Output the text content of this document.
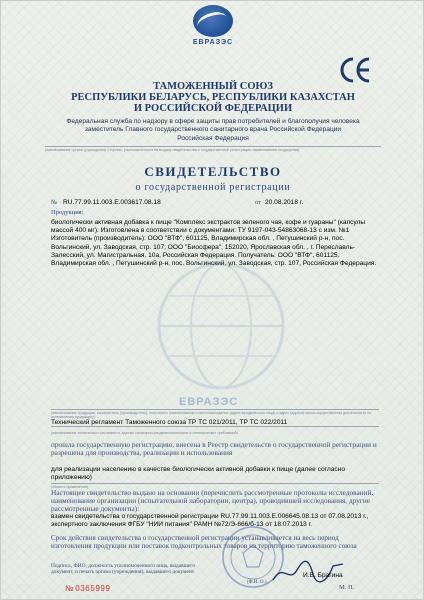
ЕВРАЗЭС
ТАМОЖЕННЫЙ СОЮЗ
РЕСПУБЛИКИ БЕЛАРУСЬ, РЕСПУБЛИКИ КАЗАХСТАН
И РОССИЙСКОЙ ФЕДЕРАЦИИ
Федеральная служба по надзору в сфере защиты прав потребителей и благополучия человека
заместитель Главного государственного санитарного врача Российской Федерации
Российская Федерация
(наименование органа (учреждения) Стороны, уполномоченного на выдачу свидетельства о государственной регистрации, наименование государства)
СВИДЕТЕЛЬСТВО
о государственной регистрации
№ RU.77.99.11.003.E.003617.08.18	от 20.08.2018 г.
Продукция:
биологически активная добавка к пище "Комплекс экстрактов зеленого чая, кофе и гуараны" (капсулы массой 400 мг). Изготовлена в соответствии с документами: ТУ 9197-043-54863068-13 с изм. №1 Изготовитель (производитель): ООО "ВТФ", 601125, Владимирская обл. , Петушинский р-н, пос. Вольгинский, ул. Заводская, стр. 107; ООО "Биосфера", 152020, Ярославская обл. , г. Переславль-Залесский, ул. Магистральная, 10а, Российская Федерация. Получатель: ООО "ВТФ", 601125, Владимирская обл. , Петушинский р-н, пос. Вольгинский, ул. Заводская, стр. 107, Российская Федерация.
ЕВРАЗЭС
(наименование продукции, изготовитель (производитель), получатель (наименование и местонахождение (адрес юридического лица) и адрес (адреса) места осуществления деятельности по изготовлению продукции))
Технический регламент Таможенного союза ТР ТС 021/2011, ТР ТС 022/2011
(наименование технического регламента, единых санитарно-эпидемиологических и гигиенических требований)
прошла государственную регистрацию, внесена в Реестр свидетельств о государственной регистрации и разрешена для производства, реализации и использования
для реализации населению в качестве биологически активной добавки к пище (далее согласно приложению)
(область применения)
Настоящее свидетельство выдано на основании (перечислить рассмотренные протоколы исследований, наименование организации (испытательной лаборатории, центра), проводившей исследования, другие рассмотренные документы):
взамен свидетельства о государственной регистрации RU.77.99.11.003.E.006645.08.13 от 07.08.2013 г., экспертного заключения ФГБУ "НИИ питания" РАМН №72/Э-666/б-13 от 18.07.2013 г.
Срок действия свидетельства о государственной регистрации устанавливается на весь период изготовления продукции или поставок подконтрольных товаров на территорию таможенного союза
Подпись, ФИО, должность уполномоченного лица, выдавшего документ, и печать органа (учреждения), выдавшего документ
(Ф.И. О.)
И.В. Брагина
№0365999	М. П.
